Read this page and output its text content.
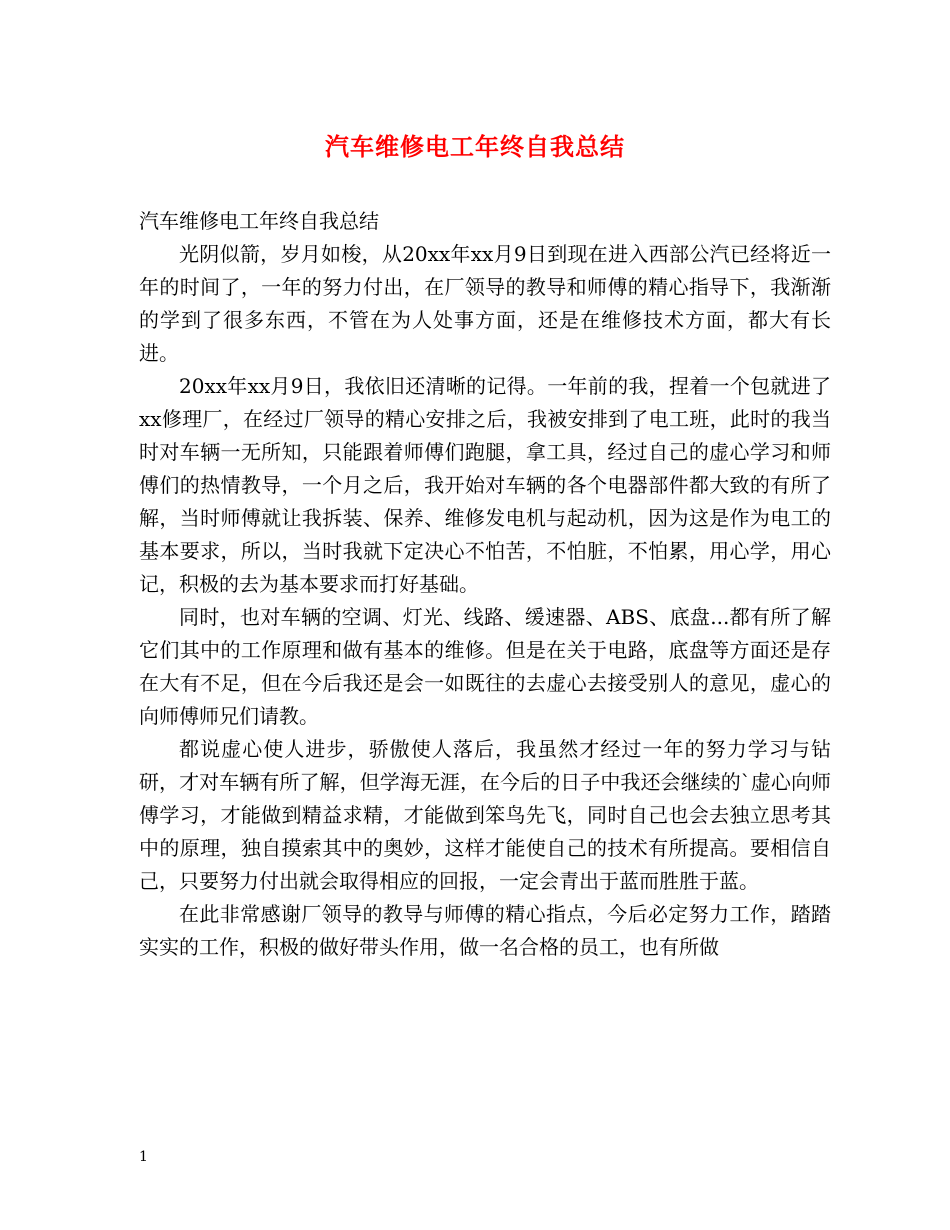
汽车维修电工年终自我总结

汽车维修电工年终自我总结

光阴似箭，岁月如梭，从20xx年xx月9日到现在进入西部公汽已经将近一年的时间了，一年的努力付出，在厂领导的教导和师傅的精心指导下，我渐渐的学到了很多东西，不管在为人处事方面，还是在维修技术方面，都大有长进。

20xx年xx月9日，我依旧还清晰的记得。一年前的我，捏着一个包就进了xx修理厂，在经过厂领导的精心安排之后，我被安排到了电工班，此时的我当时对车辆一无所知，只能跟着师傅们跑腿，拿工具，经过自己的虚心学习和师傅们的热情教导，一个月之后，我开始对车辆的各个电器部件都大致的有所了解，当时师傅就让我拆装、保养、维修发电机与起动机，因为这是作为电工的基本要求，所以，当时我就下定决心不怕苦，不怕脏，不怕累，用心学，用心记，积极的去为基本要求而打好基础。

同时，也对车辆的空调、灯光、线路、缓速器、ABS、底盘...都有所了解它们其中的工作原理和做有基本的维修。但是在关于电路，底盘等方面还是存在大有不足，但在今后我还是会一如既往的去虚心去接受别人的意见，虚心的向师傅师兄们请教。

都说虚心使人进步，骄傲使人落后，我虽然才经过一年的努力学习与钻研，才对车辆有所了解，但学海无涯，在今后的日子中我还会继续的`虚心向师傅学习，才能做到精益求精，才能做到笨鸟先飞，同时自己也会去独立思考其中的原理，独自摸索其中的奥妙，这样才能使自己的技术有所提高。要相信自己，只要努力付出就会取得相应的回报，一定会青出于蓝而胜胜于蓝。

在此非常感谢厂领导的教导与师傅的精心指点，今后必定努力工作，踏踏实实的工作，积极的做好带头作用，做一名合格的员工，也有所做

1
